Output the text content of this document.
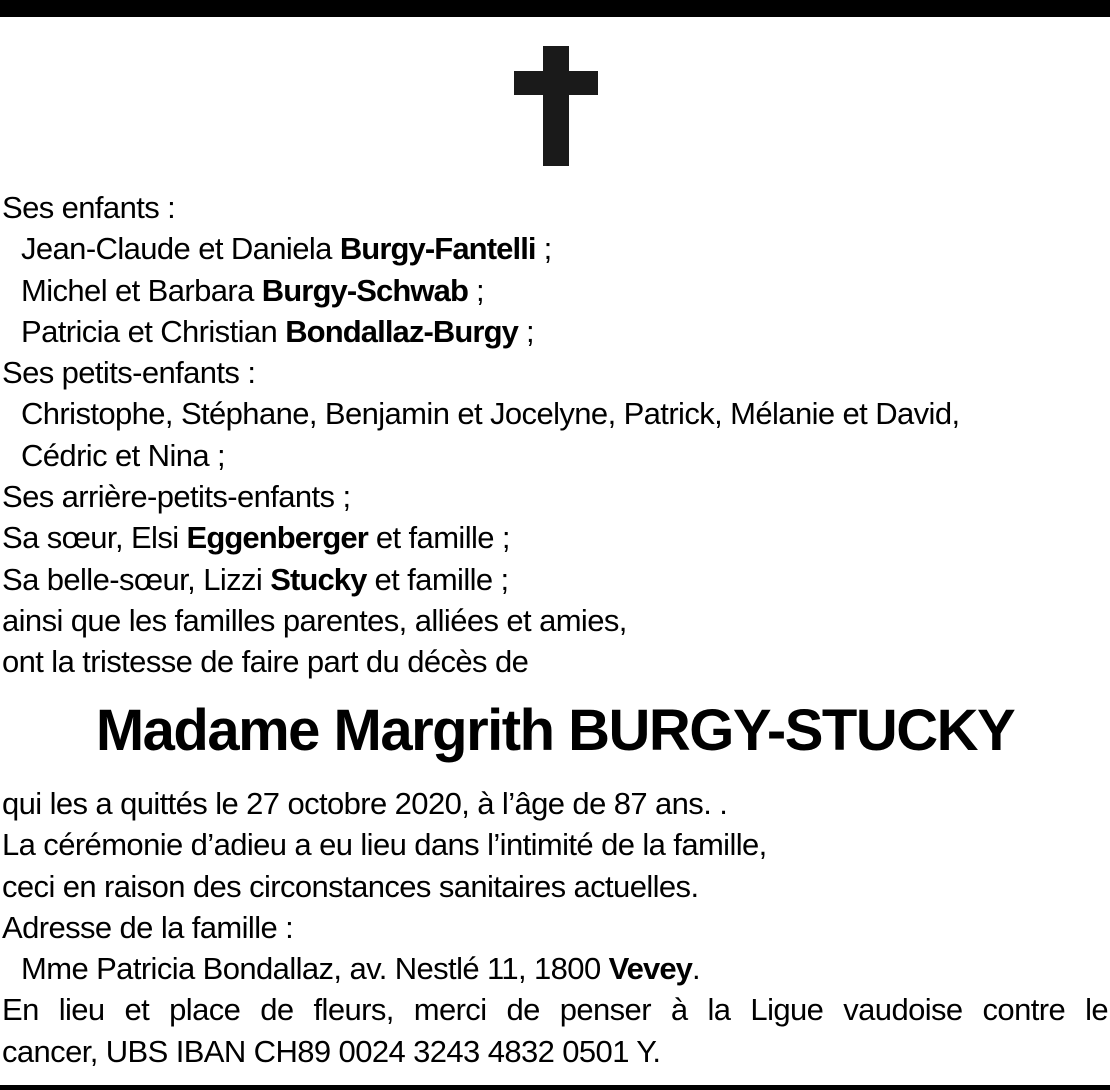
Ses enfants :
Jean-Claude et Daniela Burgy-Fantelli ;
Michel et Barbara Burgy-Schwab ;
Patricia et Christian Bondallaz-Burgy ;
Ses petits-enfants :
Christophe, Stéphane, Benjamin et Jocelyne, Patrick, Mélanie et David,
Cédric et Nina ;
Ses arrière-petits-enfants ;
Sa sœur, Elsi Eggenberger et famille ;
Sa belle-sœur, Lizzi Stucky et famille ;
ainsi que les familles parentes, alliées et amies,
ont la tristesse de faire part du décès de
Madame Margrith BURGY-STUCKY
qui les a quittés le 27 octobre 2020, à l’âge de 87 ans. .
La cérémonie d’adieu a eu lieu dans l’intimité de la famille,
ceci en raison des circonstances sanitaires actuelles.
Adresse de la famille :
Mme Patricia Bondallaz, av. Nestlé 11, 1800 Vevey.
En lieu et place de fleurs, merci de penser à la Ligue vaudoise contre le
cancer, UBS IBAN CH89 0024 3243 4832 0501 Y.
